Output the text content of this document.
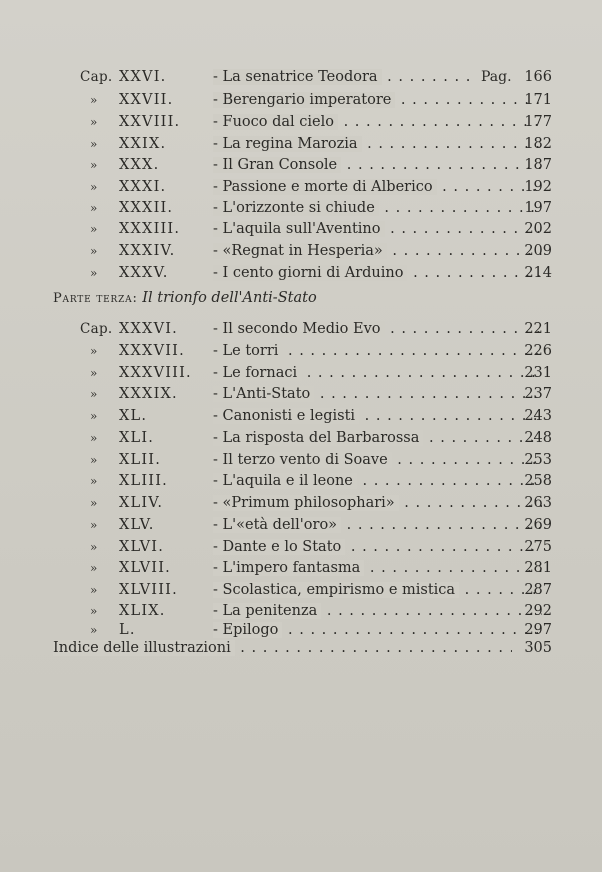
Cap. XXVI.	- La senatrice Teodora . . .	Pag. 166
» XXVII.	- Berengario imperatore . . .	171
» XXVIII. - Fuoco dal cielo . . .	177
» XXIX.	- La regina Marozia . . .	182
» XXX.	- Il Gran Console . . .	187
» XXXI.	- Passione e morte di Alberico . . .	192
» XXXII.	- L'orizzonte si chiude . . .	197
» XXXIII. - L'aquila sull'Aventino . . .	202
» XXXIV.	- «Regnat in Hesperia» . . .	209
» XXXV.	- I cento giorni di Arduino . . .	214
Parte terza: Il trionfo dell'Anti-Stato
Cap. XXXVI. - Il secondo Medio Evo . . .	221
» XXXVII. - Le torri . . .	226
» XXXVIII. - Le fornaci . . .	231
» XXXIX. - L'Anti-Stato . . .	237
» XL.	- Canonisti e legisti . . .	243
» XLI.	- La risposta del Barbarossa . . .	248
» XLII.	- Il terzo vento di Soave . . .	253
» XLIII.	- L'aquila e il leone . . .	258
» XLIV.	- «Primum philosophari» . . .	263
» XLV.	- L'«età dell'oro» . . .	269
» XLVI.	- Dante e lo Stato . . .	275
» XLVII.	- L'impero fantasma . . .	281
» XLVIII. - Scolastica, empirismo e mistica . . .	287
» XLIX.	- La penitenza . . .	292
» L.	- Epilogo . . .	297
Indice delle illustrazioni . . .	305
